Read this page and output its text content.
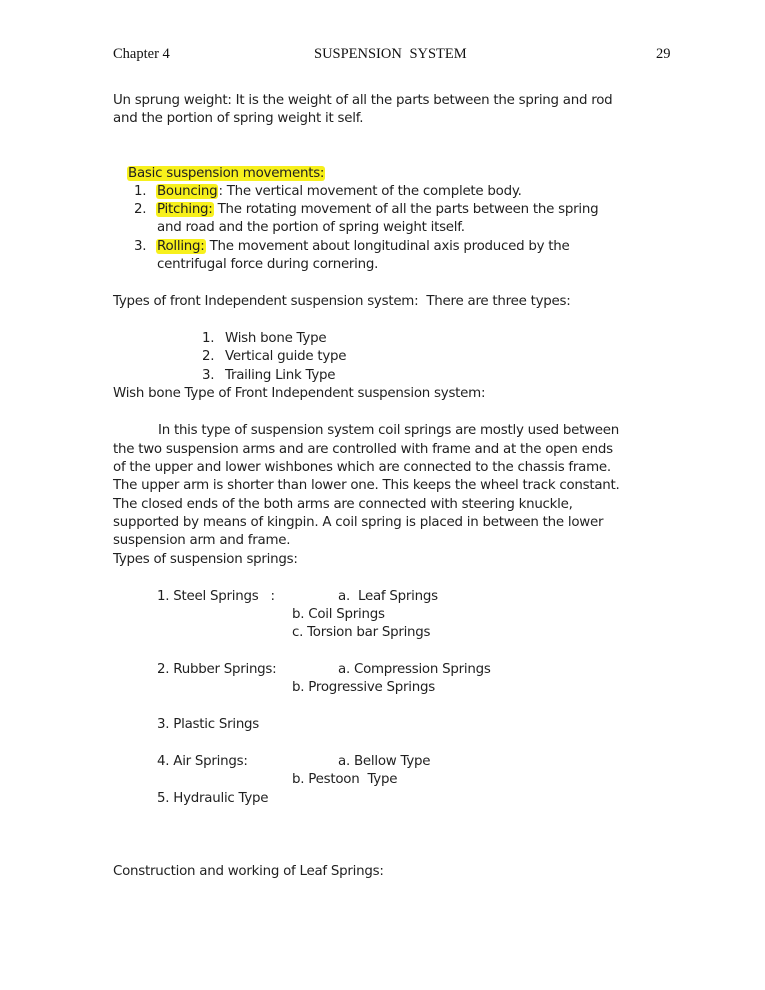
Chapter 4	SUSPENSION SYSTEM	29
Un sprung weight: It is the weight of all the parts between the spring and rod
and the portion of spring weight it self.

Basic suspension movements:

1. Bouncing: The vertical movement of the complete body.
2. Pitching: The rotating movement of all the parts between the spring
and road and the portion of spring weight itself.
3. Rolling: The movement about longitudinal axis produced by the
centrifugal force during cornering.
Types of front Independent suspension system:  There are three types:
1. Wish bone Type
2. Vertical guide type
3. Trailing Link Type
Wish bone Type of Front Independent suspension system:
In this type of suspension system coil springs are mostly used between
the two suspension arms and are controlled with frame and at the open ends
of the upper and lower wishbones which are connected to the chassis frame.
The upper arm is shorter than lower one. This keeps the wheel track constant.
The closed ends of the both arms are connected with steering knuckle,
supported by means of kingpin. A coil spring is placed in between the lower
suspension arm and frame.
Types of suspension springs:
1. Steel Springs   :	a.  Leaf Springs
b. Coil Springs
c. Torsion bar Springs
2. Rubber Springs:	a. Compression Springs
b. Progressive Springs
3. Plastic Srings
4. Air Springs:	a. Bellow Type
b. Pestoon  Type
5. Hydraulic Type
Construction and working of Leaf Springs:
